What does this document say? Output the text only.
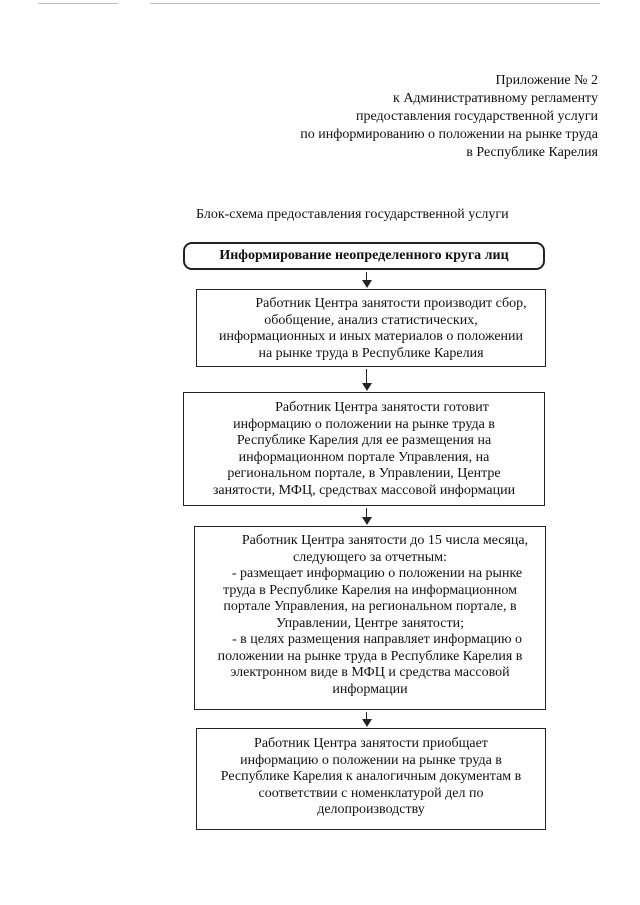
Приложение № 2
к Административному регламенту
предоставления государственной услуги
по информированию о положении на рынке труда
в Республике Карелия
Блок-схема предоставления государственной услуги
Информирование неопределенного круга лиц
Работник Центра занятости производит сбор,
обобщение, анализ статистических,
информационных и иных материалов о положении
на рынке труда в Республике Карелия
Работник Центра занятости готовит
информацию о положении на рынке труда в
Республике Карелия для ее размещения на
информационном портале Управления, на
региональном портале, в Управлении, Центре
занятости, МФЦ, средствах массовой информации
Работник Центра занятости до 15 числа месяца,
следующего за отчетным:
- размещает информацию о положении на рынке
труда в Республике Карелия на информационном
портале Управления, на региональном портале, в
Управлении, Центре занятости;
- в целях размещения направляет информацию о
положении на рынке труда в Республике Карелия в
электронном виде в МФЦ и средства массовой
информации
Работник Центра занятости приобщает
информацию о положении на рынке труда в
Республике Карелия к аналогичным документам в
соответствии с номенклатурой дел по
делопроизводству
